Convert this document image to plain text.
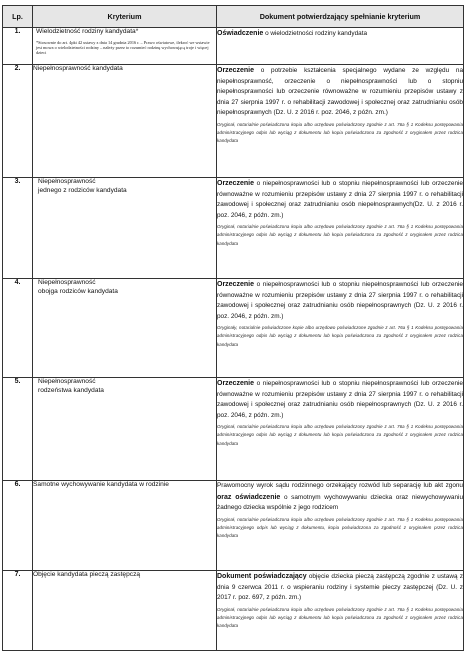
Lp.	Kryterium	Dokument potwierdzający spełnianie kryterium
1.	Wielodzietność rodziny kandydata*
*Stosownie do art. 4pkt 42 ustawy z dnia 14 grudnia 2016 r. – Prawo oświatowe, ilekroć we wstawie jest mowa o wielodzietności rodziny – należy przez to rozumieć rodzinę wychowującą troje i więcej dzieci	Oświadczenie o wielodzietności rodziny kandydata
2.	Niepełnosprawność kandydata	Orzeczenie o potrzebie kształcenia specjalnego wydane ze względu na niepełnosprawność, orzeczenie o niepełnosprawności lub o stopniu niepełnosprawności lub orzeczenie równoważne w rozumieniu przepisów ustawy z dnia 27 sierpnia 1997 r. o rehabilitacji zawodowej i społecznej oraz zatrudnianiu osób niepełnosprawnych (Dz. U. z 2016 r. poz. 2046, z późn. zm.)
Oryginał, notarialnie poświadczona kopia albo urzędowo poświadczony zgodnie z art. 76a § 1 Kodeksu postępowania administracyjnego odpis lub wyciąg z dokumentu lub kopia poświadczona za zgodność z oryginałem przez rodzica kandydata

3.	Niepełnosprawność
jednego z rodziców kandydata	Orzeczenie o niepełnosprawności lub o stopniu niepełnosprawności lub orzeczenie równoważne w rozumieniu przepisów ustawy z dnia 27 sierpnia 1997 r. o rehabilitacji zawodowej i społecznej oraz zatrudnianiu osób niepełnosprawnych(Dz. U. z 2016 r. poz. 2046, z późn. zm.)
Oryginał, notarialnie poświadczona kopia albo urzędowo poświadczony zgodnie z art. 76a § 1 Kodeksu postępowania administracyjnego odpis lub wyciąg z dokumentu lub kopia poświadczona za zgodność z oryginałem przez rodzica kandydata

4.	Niepełnosprawność
obojga rodziców kandydata	Orzeczenie o niepełnosprawności lub o stopniu niepełnosprawności lub orzeczenie równoważne w rozumieniu przepisów ustawy z dnia 27 sierpnia 1997 r. o rehabilitacji zawodowej i społecznej oraz zatrudnianiu osób niepełnosprawnych (Dz. U. z 2016 r. poz. 2046, z późn. zm.)
Oryginały, notarialnie poświadczone kopie albo urzędowo poświadczone zgodnie z art. 76a § 1 Kodeksu postępowania administracyjnego odpis lub wyciąg z dokumentu lub kopia poświadczona za zgodność z oryginałem przez rodzica kandydata

5.	Niepełnosprawność
rodzeństwa kandydata	Orzeczenie o niepełnosprawności lub o stopniu niepełnosprawności lub orzeczenie równoważne w rozumieniu przepisów ustawy z dnia 27 sierpnia 1997 r. o rehabilitacji zawodowej i społecznej oraz zatrudnianiu osób niepełnosprawnych (Dz. U. z 2016 r. poz. 2046, z późn. zm.)
Oryginał, notarialnie poświadczona kopia albo urzędowo poświadczony zgodnie z art. 76a § 1 Kodeksu postępowania administracyjnego odpis lub wyciąg z dokumentu lub kopia poświadczona za zgodność z oryginałem przez rodzica kandydata

6.	Samotne wychowywanie kandydata w rodzinie	Prawomocny wyrok sądu rodzinnego orzekający rozwód lub separację lub akt zgonu oraz oświadczenie o samotnym wychowywaniu dziecka oraz niewychowywaniu żadnego dziecka wspólnie z jego rodzicem
Oryginał, notarialnie poświadczona kopia albo urzędowo poświadczony zgodnie z art. 76a § 1 Kodeksu postępowania administracyjnego odpis lub wyciąg z dokumentu, kopia poświadczona za zgodność z oryginałem przez rodzica kandydata

7.	Objęcie kandydata pieczą zastępczą	Dokument poświadczający objęcie dziecka pieczą zastępczą zgodnie z ustawą z dnia 9 czerwca 2011 r. o wspieraniu rodziny i systemie pieczy zastępczej (Dz. U. z 2017 r. poz. 697, z późn. zm.)
Oryginał, notarialnie poświadczona kopia albo urzędowo poświadczony zgodnie z art. 76a § 1 Kodeksu postępowania administracyjnego odpis lub wyciąg z dokumentu lub kopia poświadczona za zgodność z oryginałem przez rodzica kandydata
